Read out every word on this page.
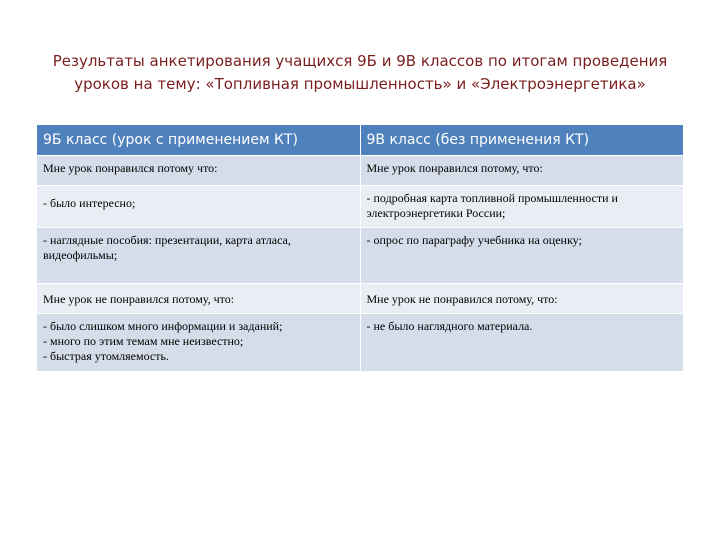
Результаты анкетирования учащихся 9Б и 9В классов по итогам проведения
уроков на тему: «Топливная промышленность» и «Электроэнергетика»
9Б класс (урок с применением КТ)	9В класс (без применения КТ)

Мне урок понравился потому что:	Мне урок понравился потому, что:

- было интересно;	- подробная карта топливной промышленности и электроэнергетики России;

- наглядные пособия: презентации, карта атласа, видеофильмы;	- опрос по параграфу учебника на оценку;

Мне урок не понравился потому, что:	Мне урок не понравился потому, что:

- было слишком много информации и заданий;
- много по этим темам мне неизвестно;
- быстрая утомляемость.	- не было наглядного материала.
